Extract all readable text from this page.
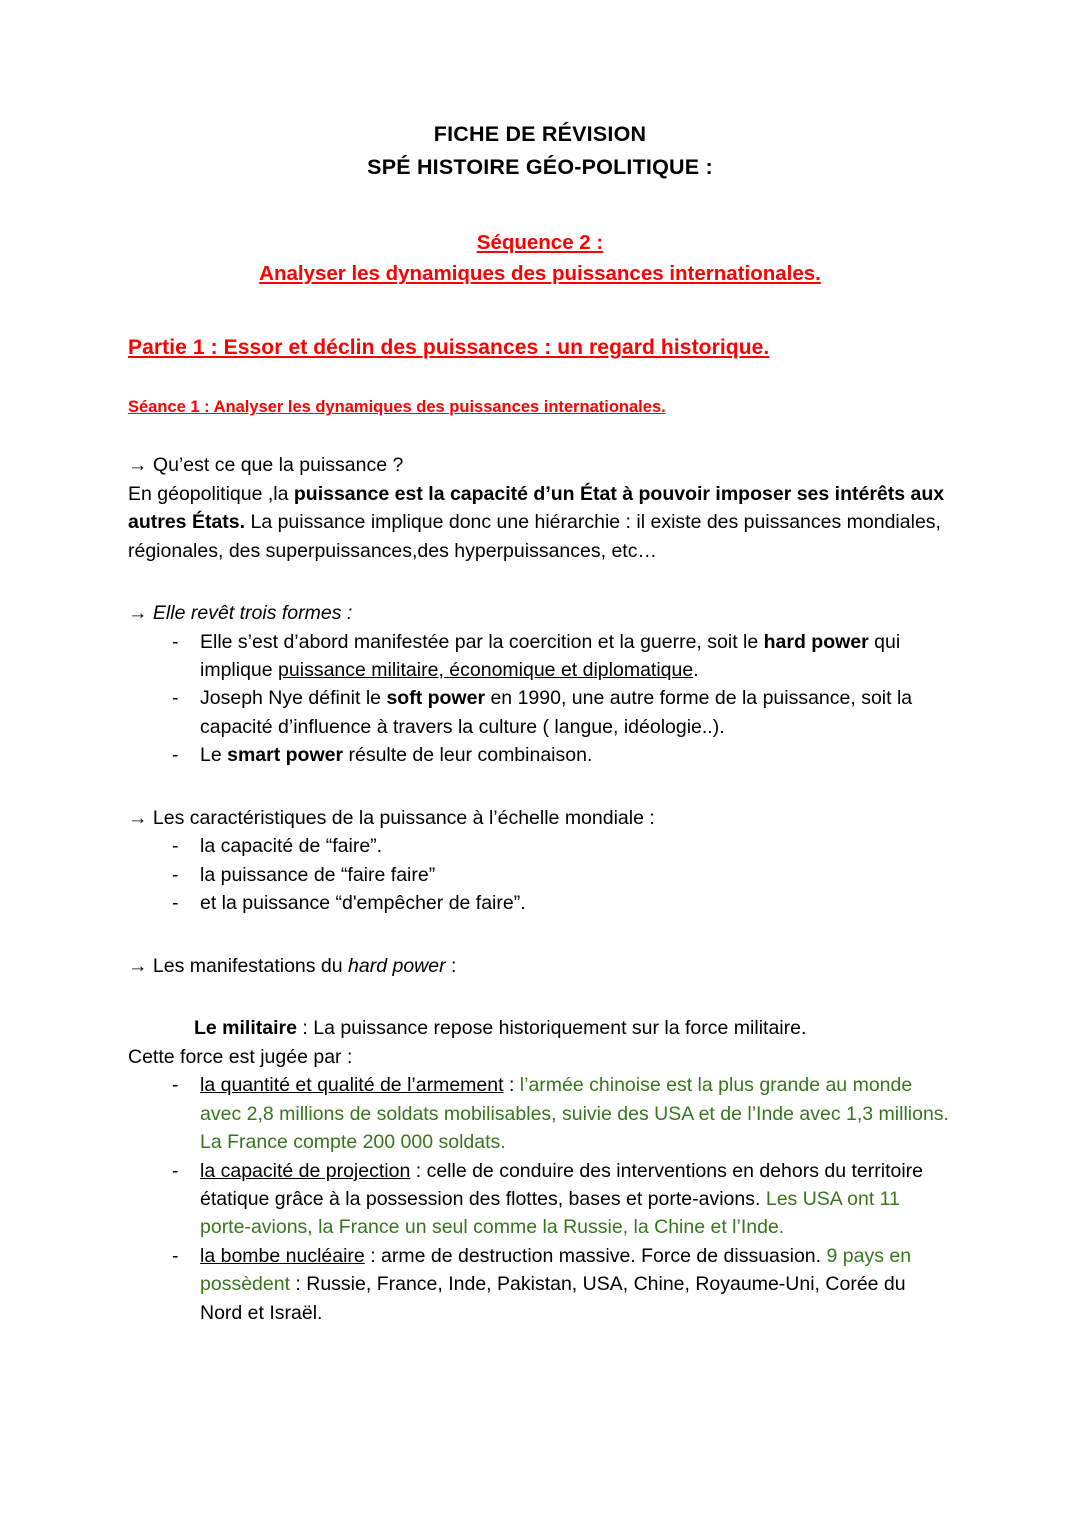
FICHE DE RÉVISION
SPÉ HISTOIRE GÉO-POLITIQUE :
Séquence 2 :
Analyser les dynamiques des puissances internationales.
Partie 1 : Essor et déclin des puissances : un regard historique.
Séance 1 : Analyser les dynamiques des puissances internationales.

→ Qu’est ce que la puissance ?

En géopolitique ,la puissance est la capacité d’un État à pouvoir imposer ses intérêts aux autres États. La puissance implique donc une hiérarchie : il existe des puissances mondiales, régionales, des superpuissances,des hyperpuissances, etc…

→ Elle revêt trois formes :

- Elle s’est d’abord manifestée par la coercition et la guerre, soit le hard power qui implique puissance militaire, économique et diplomatique.
- Joseph Nye définit le soft power en 1990, une autre forme de la puissance, soit la capacité d’influence à travers la culture ( langue, idéologie..).
- Le smart power résulte de leur combinaison.

→ Les caractéristiques de la puissance à l’échelle mondiale :

- la capacité de “faire”.
- la puissance de “faire faire”
- et la puissance “d'empêcher de faire”.

→ Les manifestations du hard power :

Le militaire : La puissance repose historiquement sur la force militaire.
Cette force est jugée par :
- la quantité et qualité de l’armement : l’armée chinoise est la plus grande au monde avec 2,8 millions de soldats mobilisables, suivie des USA et de l’Inde avec 1,3 millions. La France compte 200 000 soldats.
- la capacité de projection : celle de conduire des interventions en dehors du territoire étatique grâce à la possession des flottes, bases et porte-avions. Les USA ont 11 porte-avions, la France un seul comme la Russie, la Chine et l’Inde.
- la bombe nucléaire : arme de destruction massive. Force de dissuasion. 9 pays en possèdent : Russie, France, Inde, Pakistan, USA, Chine, Royaume-Uni, Corée du Nord et Israël.
